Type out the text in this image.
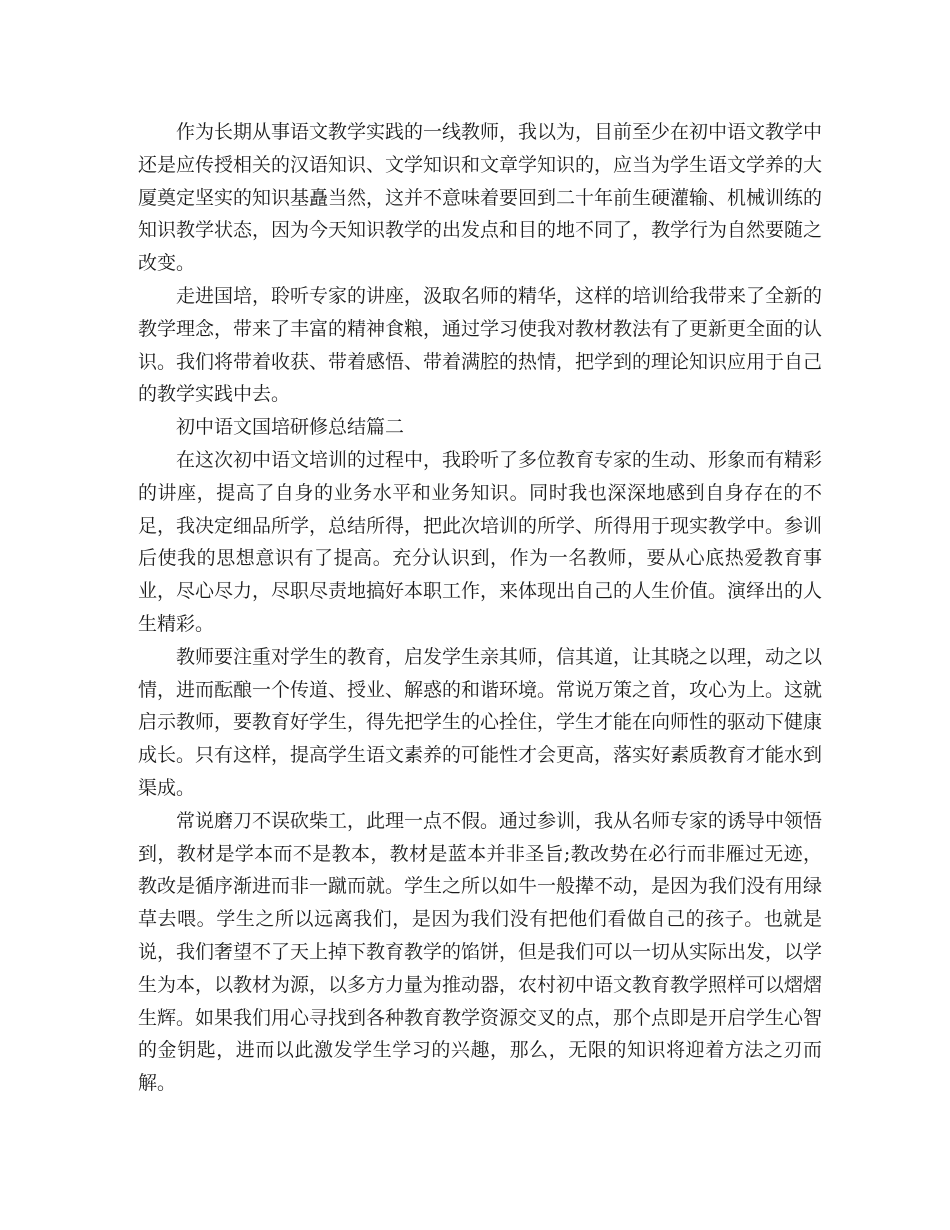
作为长期从事语文教学实践的一线教师，我以为，目前至少在初中语文教学中还是应传授相关的汉语知识、文学知识和文章学知识的，应当为学生语文学养的大厦奠定坚实的知识基矗当然，这并不意味着要回到二十年前生硬灌输、机械训练的知识教学状态，因为今天知识教学的出发点和目的地不同了，教学行为自然要随之改变。

走进国培，聆听专家的讲座，汲取名师的精华，这样的培训给我带来了全新的教学理念，带来了丰富的精神食粮，通过学习使我对教材教法有了更新更全面的认识。我们将带着收获、带着感悟、带着满腔的热情，把学到的理论知识应用于自己的教学实践中去。

初中语文国培研修总结篇二

在这次初中语文培训的过程中，我聆听了多位教育专家的生动、形象而有精彩的讲座，提高了自身的业务水平和业务知识。同时我也深深地感到自身存在的不足，我决定细品所学，总结所得，把此次培训的所学、所得用于现实教学中。参训后使我的思想意识有了提高。充分认识到，作为一名教师，要从心底热爱教育事业，尽心尽力，尽职尽责地搞好本职工作，来体现出自己的人生价值。演绎出的人生精彩。

教师要注重对学生的教育，启发学生亲其师，信其道，让其晓之以理，动之以情，进而酝酿一个传道、授业、解惑的和谐环境。常说万策之首，攻心为上。这就启示教师，要教育好学生，得先把学生的心拴住，学生才能在向师性的驱动下健康成长。只有这样，提高学生语文素养的可能性才会更高，落实好素质教育才能水到渠成。

常说磨刀不误砍柴工，此理一点不假。通过参训，我从名师专家的诱导中领悟到，教材是学本而不是教本，教材是蓝本并非圣旨;教改势在必行而非雁过无迹，教改是循序渐进而非一蹴而就。学生之所以如牛一般撵不动，是因为我们没有用绿草去喂。学生之所以远离我们，是因为我们没有把他们看做自己的孩子。也就是说，我们奢望不了天上掉下教育教学的馅饼，但是我们可以一切从实际出发，以学生为本，以教材为源，以多方力量为推动器，农村初中语文教育教学照样可以熠熠生辉。如果我们用心寻找到各种教育教学资源交叉的点，那个点即是开启学生心智的金钥匙，进而以此激发学生学习的兴趣，那么，无限的知识将迎着方法之刃而解。
